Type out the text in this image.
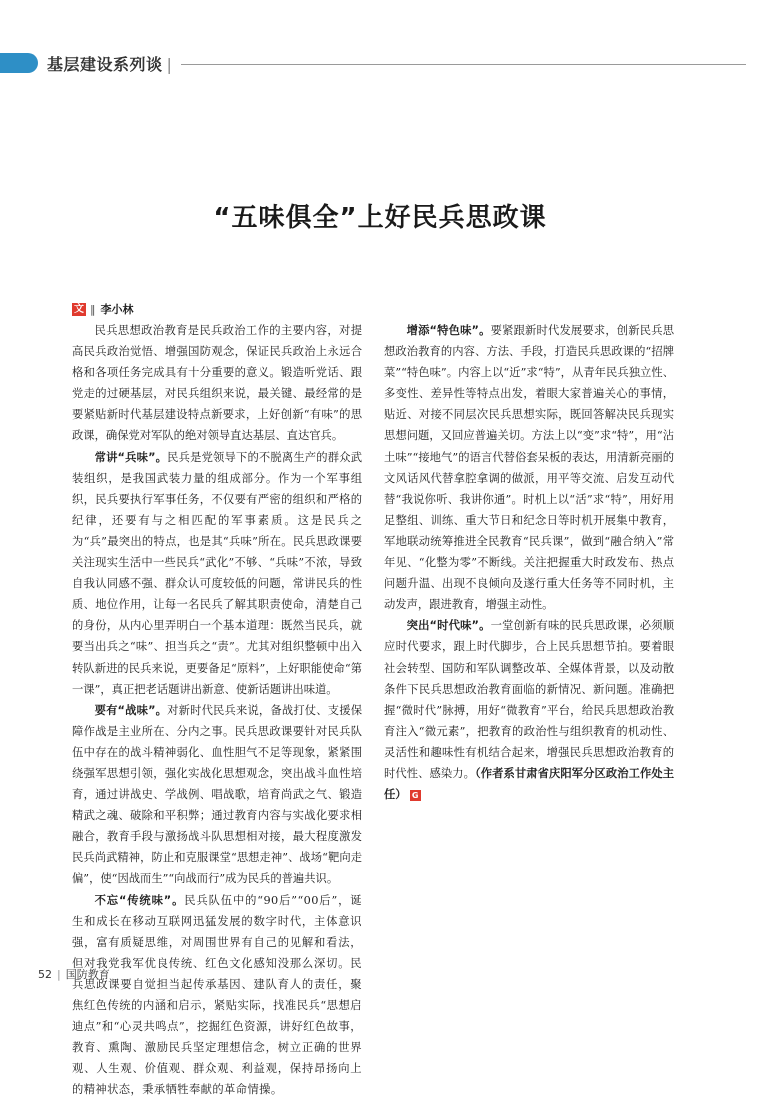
基层建设系列谈 |
“五味俱全”上好民兵思政课
文 ‖ 李小林

民兵思想政治教育是民兵政治工作的主要内容，对提高民兵政治觉悟、增强国防观念，保证民兵政治上永远合格和各项任务完成具有十分重要的意义。锻造听党话、跟党走的过硬基层，对民兵组织来说，最关键、最经常的是要紧贴新时代基层建设特点新要求，上好创新“有味”的思政课，确保党对军队的绝对领导直达基层、直达官兵。

常讲“兵味”。民兵是党领导下的不脱离生产的群众武装组织，是我国武装力量的组成部分。作为一个军事组织，民兵要执行军事任务，不仅要有严密的组织和严格的纪律，还要有与之相匹配的军事素质。这是民兵之为“兵”最突出的特点，也是其“兵味”所在。民兵思政课要关注现实生活中一些民兵“武化”不够、“兵味”不浓，导致自我认同感不强、群众认可度较低的问题，常讲民兵的性质、地位作用，让每一名民兵了解其职责使命，清楚自己的身份，从内心里弄明白一个基本道理：既然当民兵，就要当出兵之“味”、担当兵之“责”。尤其对组织整顿中出入转队新进的民兵来说，更要备足“原料”，上好职能使命“第一课”，真正把老话题讲出新意、使新话题讲出味道。

要有“战味”。对新时代民兵来说，备战打仗、支援保障作战是主业所在、分内之事。民兵思政课要针对民兵队伍中存在的战斗精神弱化、血性胆气不足等现象，紧紧围绕强军思想引领，强化实战化思想观念，突出战斗血性培育，通过讲战史、学战例、唱战歌，培育尚武之气、锻造精武之魂、破除和平积弊；通过教育内容与实战化要求相融合，教育手段与激扬战斗队思想相对接，最大程度激发民兵尚武精神，防止和克服课堂“思想走神”、战场“靶向走偏”，使“因战而生”“向战而行”成为民兵的普遍共识。

不忘“传统味”。民兵队伍中的“90后”“00后”，诞生和成长在移动互联网迅猛发展的数字时代，主体意识强，富有质疑思维，对周围世界有自己的见解和看法，但对我党我军优良传统、红色文化感知没那么深切。民兵思政课要自觉担当起传承基因、建队育人的责任，聚焦红色传统的内涵和启示，紧贴实际，找准民兵“思想启迪点”和“心灵共鸣点”，挖掘红色资源，讲好红色故事，教育、熏陶、激励民兵坚定理想信念，树立正确的世界观、人生观、价值观、群众观、利益观，保持昂扬向上的精神状态，秉承牺牲奉献的革命情操。

增添“特色味”。要紧跟新时代发展要求，创新民兵思想政治教育的内容、方法、手段，打造民兵思政课的“招牌菜”“特色味”。内容上以“近”求“特”，从青年民兵独立性、多变性、差异性等特点出发，着眼大家普遍关心的事情，贴近、对接不同层次民兵思想实际，既回答解决民兵现实思想问题，又回应普遍关切。方法上以“变”求“特”，用“沾土味”“接地气”的语言代替俗套呆板的表达，用清新亮丽的文风话风代替拿腔拿调的做派，用平等交流、启发互动代替“我说你听、我讲你通”。时机上以“活”求“特”，用好用足整组、训练、重大节日和纪念日等时机开展集中教育，军地联动统筹推进全民教育“民兵课”，做到“融合纳入”常年见、“化整为零”不断线。关注把握重大时政发布、热点问题升温、出现不良倾向及遂行重大任务等不同时机，主动发声，跟进教育，增强主动性。

突出“时代味”。一堂创新有味的民兵思政课，必须顺应时代要求，跟上时代脚步，合上民兵思想节拍。要着眼社会转型、国防和军队调整改革、全媒体背景，以及动散条件下民兵思想政治教育面临的新情况、新问题。准确把握“微时代”脉搏，用好“微教育”平台，给民兵思想政治教育注入“微元素”，把教育的政治性与组织教育的机动性、灵活性和趣味性有机结合起来，增强民兵思想政治教育的时代性、感染力。（作者系甘肃省庆阳军分区政治工作处主任） G

52 | 国防教育
